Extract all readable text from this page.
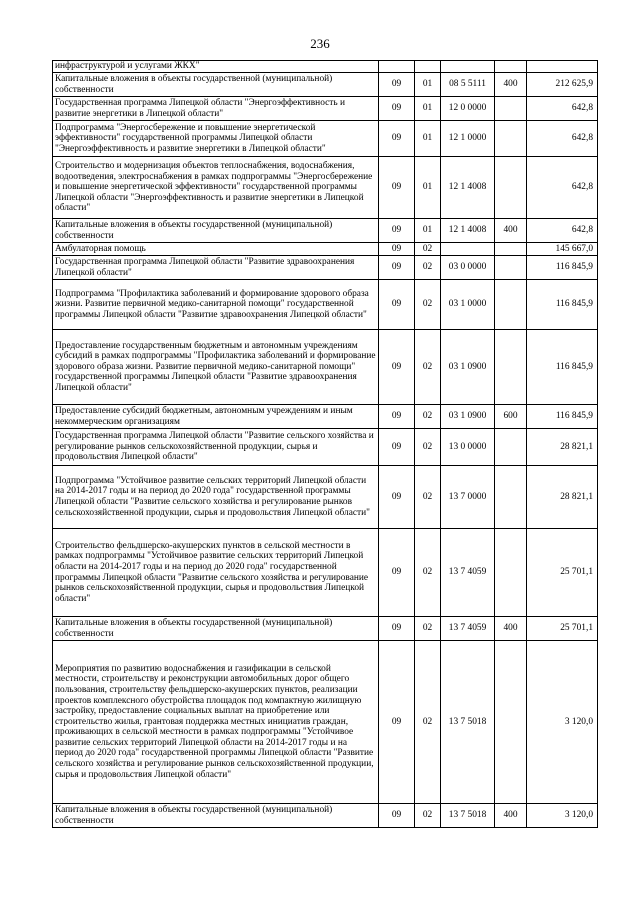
236
инфраструктурой и услугами ЖКХ"					
Капитальные вложения в объекты государственной (муниципальной) собственности	09	01	08 5 5111	400	212 625,9
Государственная программа Липецкой области "Энергоэффективность и развитие энергетики в Липецкой области"	09	01	12 0 0000		642,8
Подпрограмма "Энергосбережение и повышение энергетической эффективности" государственной программы Липецкой области "Энергоэффективность и развитие энергетики в Липецкой области"	09	01	12 1 0000		642,8
Строительство и модернизация объектов теплоснабжения, водоснабжения, водоотведения, электроснабжения в рамках подпрограммы "Энергосбережение и повышение энергетической эффективности" государственной программы Липецкой области "Энергоэффективность и развитие энергетики в Липецкой области"	09	01	12 1 4008		642,8
Капитальные вложения в объекты государственной (муниципальной) собственности	09	01	12 1 4008	400	642,8
Амбулаторная помощь	09	02			145 667,0
Государственная программа Липецкой области "Развитие здравоохранения Липецкой области"	09	02	03 0 0000		116 845,9
Подпрограмма "Профилактика заболеваний и формирование здорового образа жизни. Развитие первичной медико-санитарной помощи" государственной программы Липецкой области "Развитие здравоохранения Липецкой области"	09	02	03 1 0000		116 845,9
Предоставление государственным бюджетным и автономным учреждениям субсидий в рамках подпрограммы "Профилактика заболеваний и формирование здорового образа жизни. Развитие первичной медико-санитарной помощи" государственной программы Липецкой области "Развитие здравоохранения Липецкой области"	09	02	03 1 0900		116 845,9
Предоставление субсидий бюджетным, автономным учреждениям и иным некоммерческим организациям	09	02	03 1 0900	600	116 845,9
Государственная программа Липецкой области "Развитие сельского хозяйства и регулирование рынков сельскохозяйственной продукции, сырья и продовольствия Липецкой области"	09	02	13 0 0000		28 821,1
Подпрограмма "Устойчивое развитие сельских территорий Липецкой области на 2014-2017 годы и на период до 2020 года" государственной программы Липецкой области "Развитие сельского хозяйства и регулирование рынков сельскохозяйственной продукции, сырья и продовольствия Липецкой области"	09	02	13 7 0000		28 821,1
Строительство фельдшерско-акушерских пунктов в сельской местности в рамках подпрограммы "Устойчивое развитие сельских территорий Липецкой области на 2014-2017 годы и на период до 2020 года" государственной программы Липецкой области "Развитие сельского хозяйства и регулирование рынков сельскохозяйственной продукции, сырья и продовольствия Липецкой области"	09	02	13 7 4059		25 701,1
Капитальные вложения в объекты государственной (муниципальной) собственности	09	02	13 7 4059	400	25 701,1
Мероприятия по развитию водоснабжения и газификации в сельской местности, строительству и реконструкции автомобильных дорог общего пользования, строительству фельдшерско-акушерских пунктов, реализации проектов комплексного обустройства площадок под компактную жилищную застройку, предоставление социальных выплат на приобретение или строительство жилья, грантовая поддержка местных инициатив граждан, проживающих в сельской местности в рамках подпрограммы "Устойчивое развитие сельских территорий Липецкой области на 2014-2017 годы и на период до 2020 года" государственной программы Липецкой области "Развитие сельского хозяйства и регулирование рынков сельскохозяйственной продукции, сырья и продовольствия Липецкой области"	09	02	13 7 5018		3 120,0
Капитальные вложения в объекты государственной (муниципальной) собственности	09	02	13 7 5018	400	3 120,0
